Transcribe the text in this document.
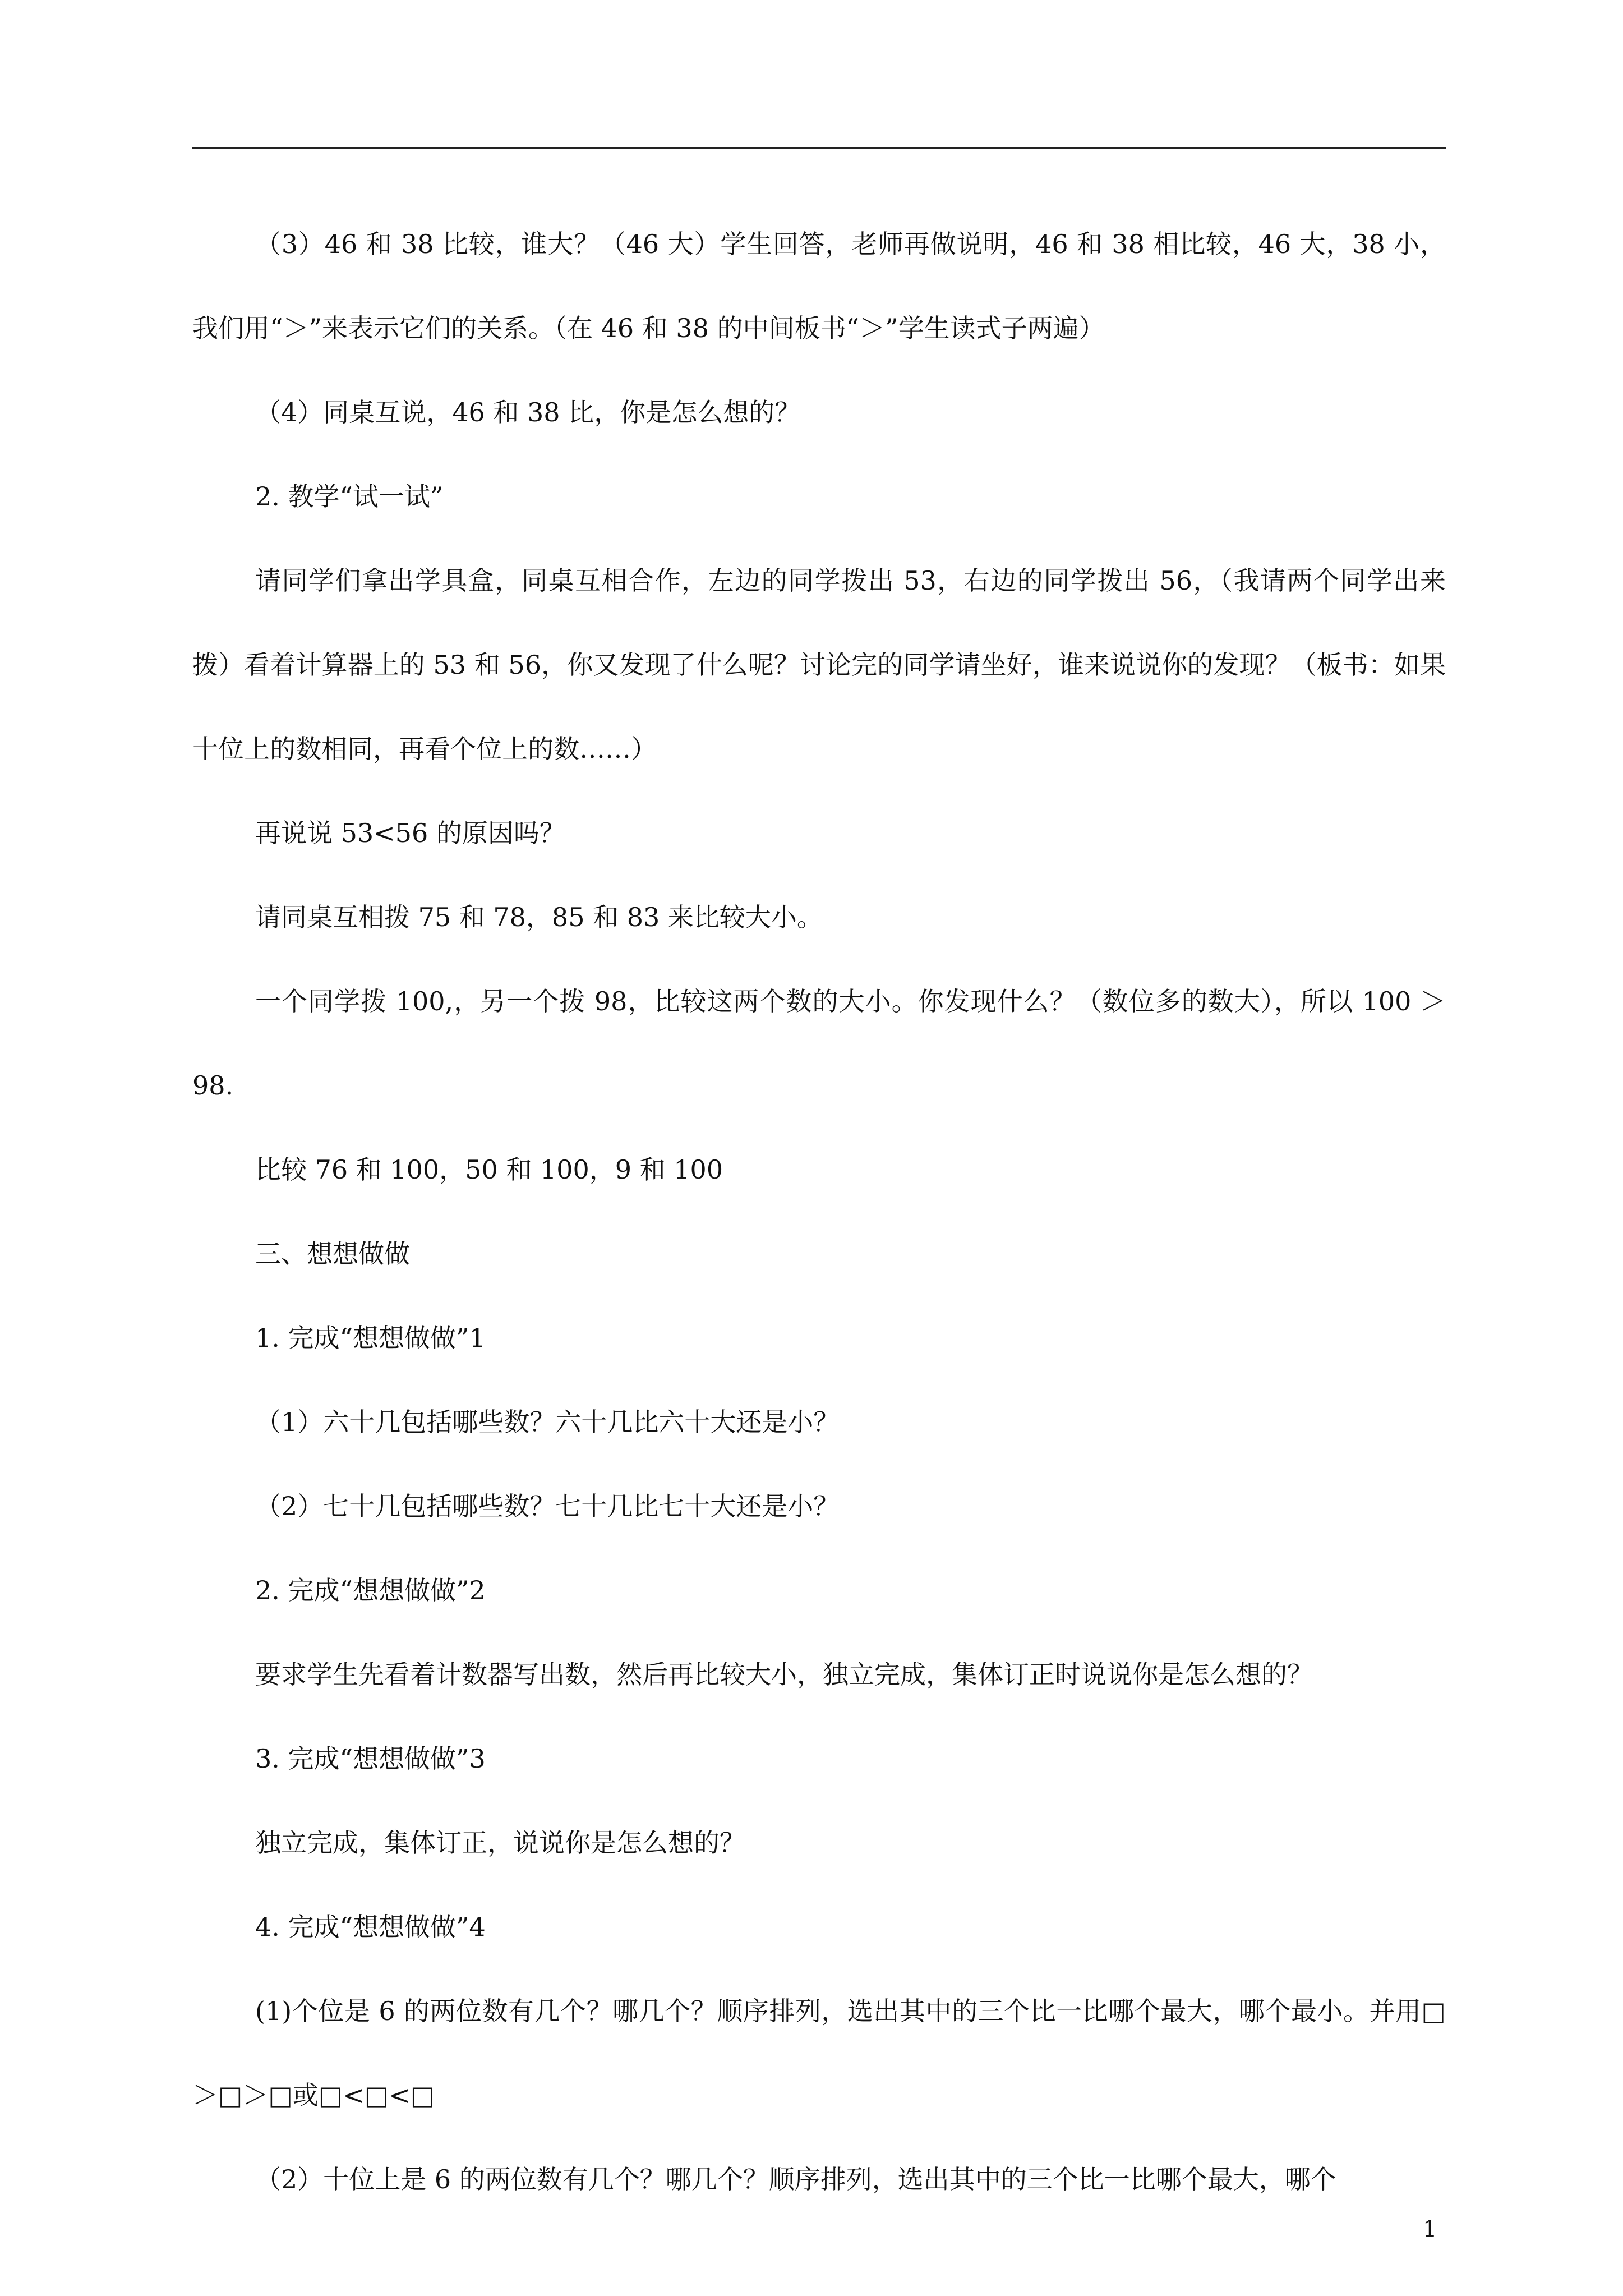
（3）46 和 38 比较，谁大？（46 大）学生回答，老师再做说明，46 和 38 相比较，46 大，38 小，我们用“＞”来表示它们的关系。（在 46 和 38 的中间板书“＞”学生读式子两遍）

（4）同桌互说，46 和 38 比，你是怎么想的？

2. 教学“试一试”

请同学们拿出学具盒，同桌互相合作，左边的同学拨出 53，右边的同学拨出 56，（我请两个同学出来拨）看着计算器上的 53 和 56，你又发现了什么呢？讨论完的同学请坐好，谁来说说你的发现？（板书：如果十位上的数相同，再看个位上的数……）

再说说 53<56 的原因吗？

请同桌互相拨 75 和 78，85 和 83 来比较大小。

一个同学拨 100,，另一个拨 98，比较这两个数的大小。你发现什么？（数位多的数大），所以 100 ＞98.

比较 76 和 100，50 和 100，9 和 100

三、想想做做

1. 完成“想想做做”1

（1）六十几包括哪些数？六十几比六十大还是小？

（2）七十几包括哪些数？七十几比七十大还是小？

2. 完成“想想做做”2

要求学生先看着计数器写出数，然后再比较大小，独立完成，集体订正时说说你是怎么想的？

3. 完成“想想做做”3

独立完成，集体订正，说说你是怎么想的？

4. 完成“想想做做”4

(1)个位是 6 的两位数有几个？哪几个？顺序排列，选出其中的三个比一比哪个最大，哪个最小。并用□＞□＞□或□<□<□

（2）十位上是 6 的两位数有几个？哪几个？顺序排列，选出其中的三个比一比哪个最大，哪个

1
